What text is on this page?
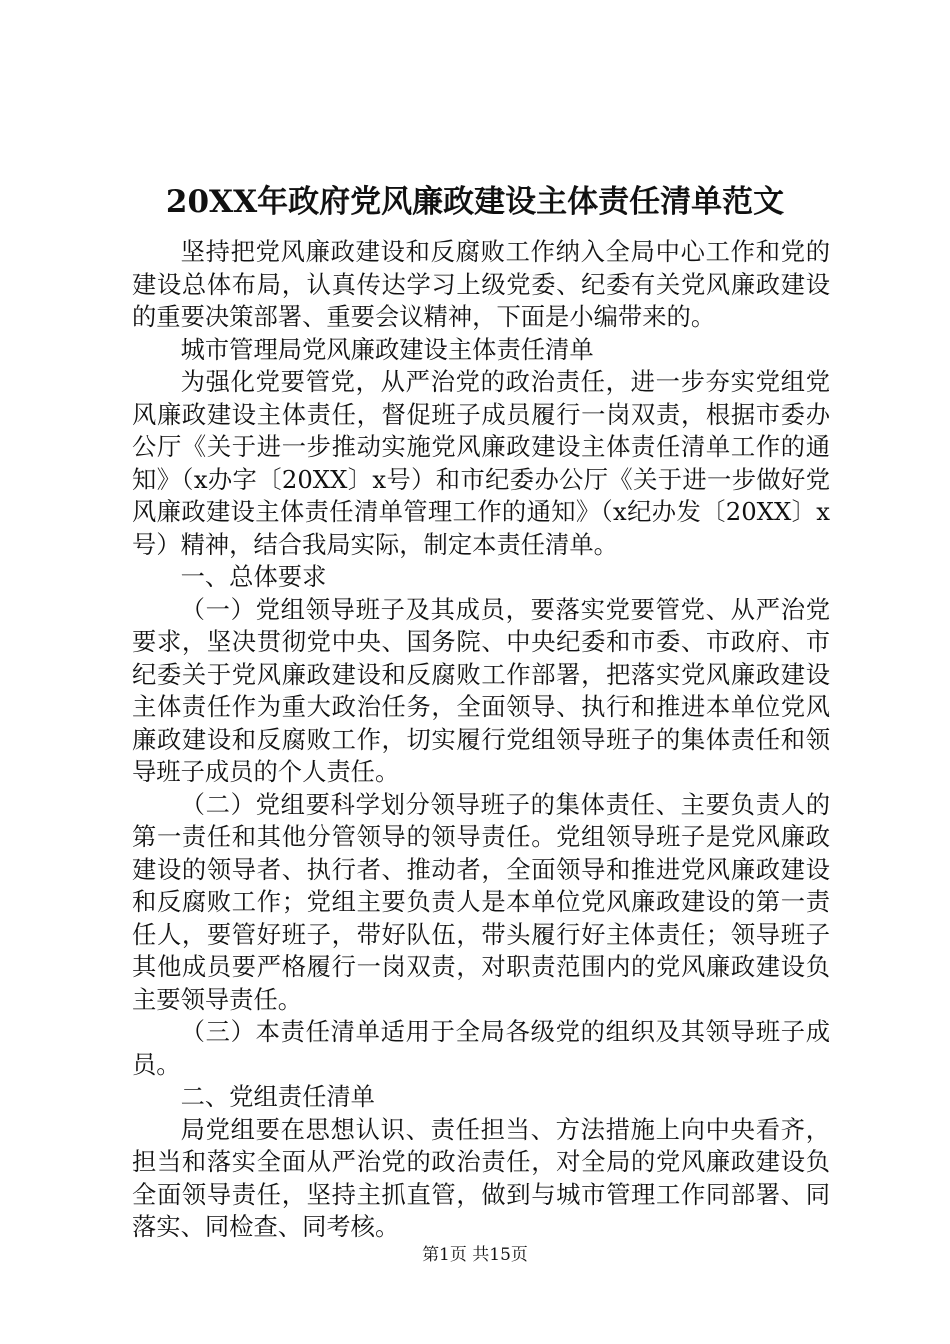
20XX年政府党风廉政建设主体责任清单范文

坚持把党风廉政建设和反腐败工作纳入全局中心工作和党的建设总体布局，认真传达学习上级党委、纪委有关党风廉政建设的重要决策部署、重要会议精神，下面是小编带来的。

城市管理局党风廉政建设主体责任清单

为强化党要管党，从严治党的政治责任，进一步夯实党组党风廉政建设主体责任，督促班子成员履行一岗双责，根据市委办公厅《关于进一步推动实施党风廉政建设主体责任清单工作的通知》（x办字〔20XX〕x号）和市纪委办公厅《关于进一步做好党风廉政建设主体责任清单管理工作的通知》（x纪办发〔20XX〕x号）精神，结合我局实际，制定本责任清单。

一、总体要求

（一）党组领导班子及其成员，要落实党要管党、从严治党要求，坚决贯彻党中央、国务院、中央纪委和市委、市政府、市纪委关于党风廉政建设和反腐败工作部署，把落实党风廉政建设主体责任作为重大政治任务，全面领导、执行和推进本单位党风廉政建设和反腐败工作，切实履行党组领导班子的集体责任和领导班子成员的个人责任。

（二）党组要科学划分领导班子的集体责任、主要负责人的第一责任和其他分管领导的领导责任。党组领导班子是党风廉政建设的领导者、执行者、推动者，全面领导和推进党风廉政建设和反腐败工作；党组主要负责人是本单位党风廉政建设的第一责任人，要管好班子，带好队伍，带头履行好主体责任；领导班子其他成员要严格履行一岗双责，对职责范围内的党风廉政建设负主要领导责任。

（三）本责任清单适用于全局各级党的组织及其领导班子成员。

二、党组责任清单

局党组要在思想认识、责任担当、方法措施上向中央看齐，担当和落实全面从严治党的政治责任，对全局的党风廉政建设负全面领导责任，坚持主抓直管，做到与城市管理工作同部署、同落实、同检查、同考核。

第1页 共15页
